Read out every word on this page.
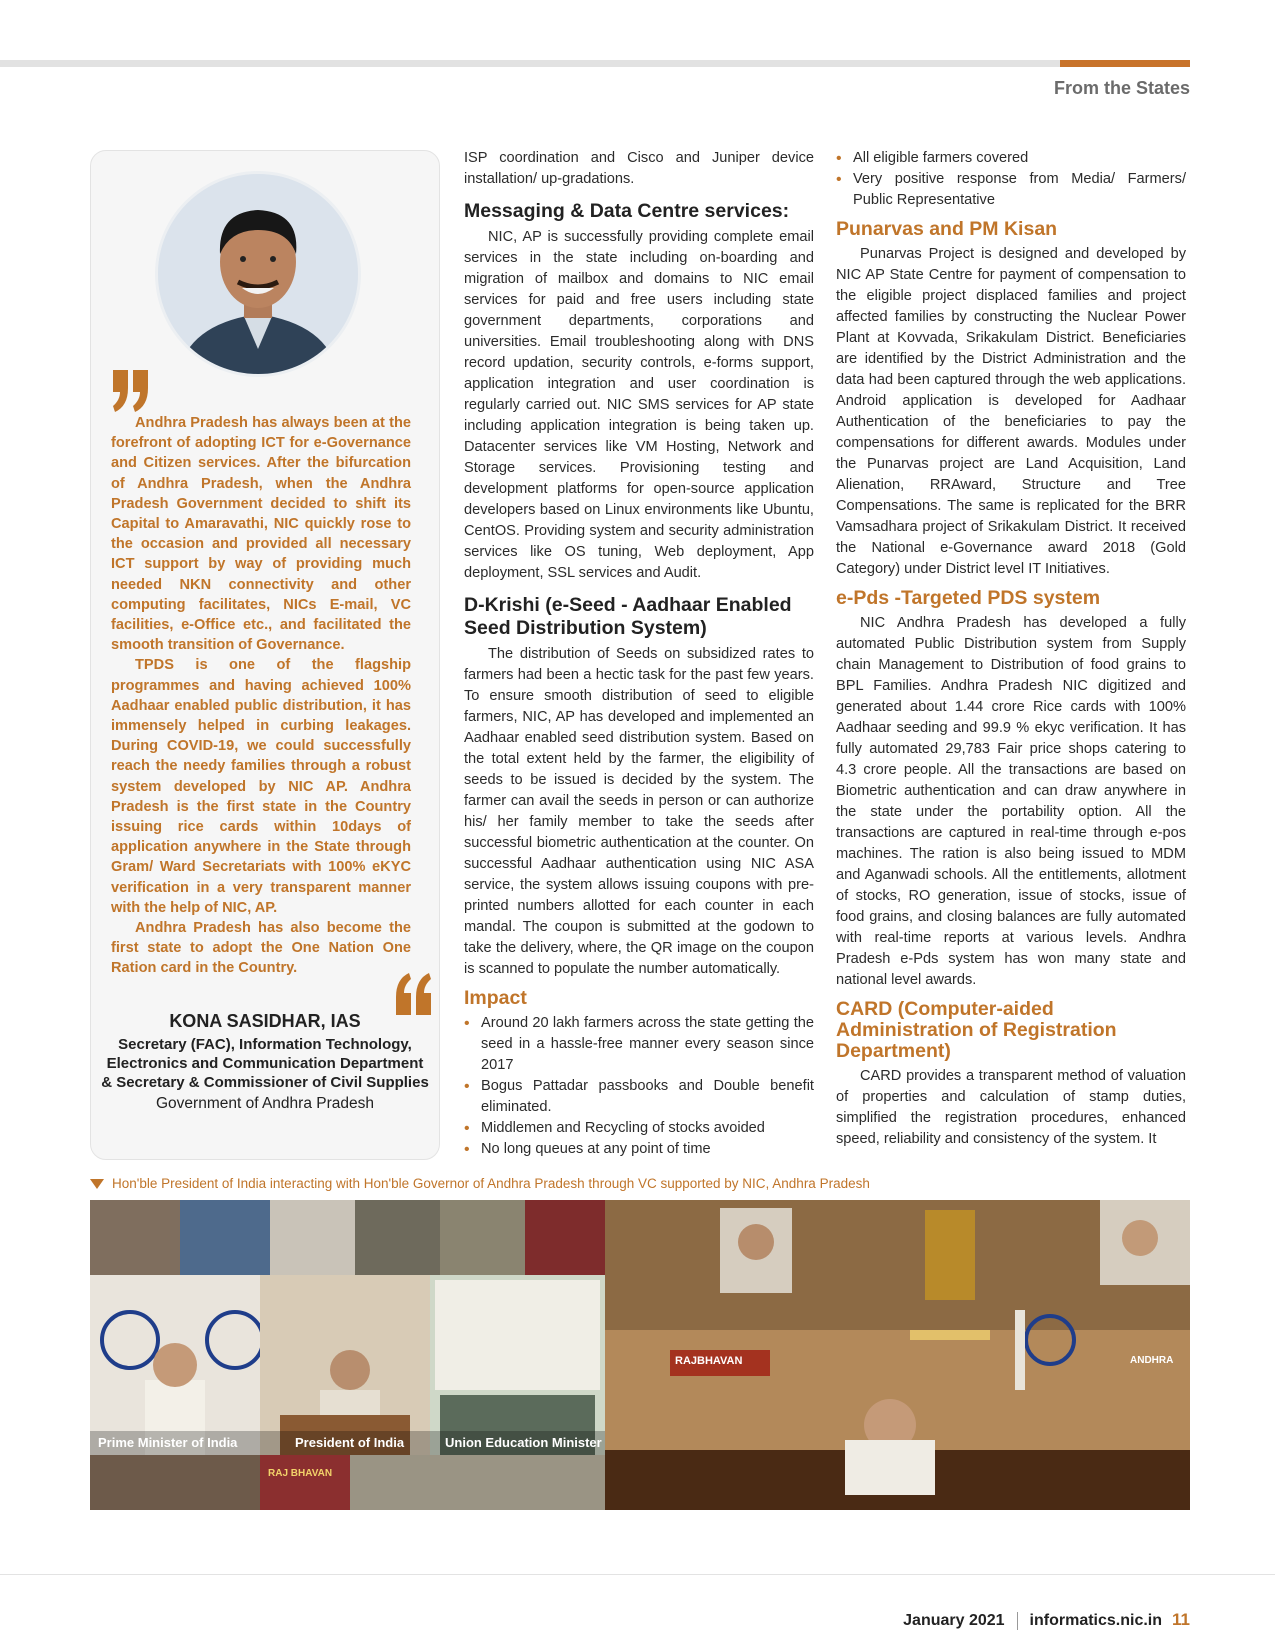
From the States

Andhra Pradesh has always been at the forefront of adopting ICT for e-Governance and Citizen services. After the bifurcation of Andhra Pradesh, when the Andhra Pradesh Government decided to shift its Capital to Amaravathi, NIC quickly rose to the occasion and provided all necessary ICT support by way of providing much needed NKN connectivity and other computing facilitates, NICs E-mail, VC facilities, e-Office etc., and facilitated the smooth transition of Governance.

TPDS is one of the flagship programmes and having achieved 100% Aadhaar enabled public distribution, it has immensely helped in curbing leakages. During COVID-19, we could successfully reach the needy families through a robust system developed by NIC AP. Andhra Pradesh is the first state in the Country issuing rice cards within 10days of application anywhere in the State through Gram/ Ward Secretariats with 100% eKYC verification in a very transparent manner with the help of NIC, AP.

Andhra Pradesh has also become the first state to adopt the One Nation One Ration card in the Country.

KONA SASIDHAR, IAS
Secretary (FAC), Information Technology, Electronics and Communication Department & Secretary & Commissioner of Civil Supplies
Government of Andhra Pradesh

ISP coordination and Cisco and Juniper device installation/ up-gradations.

Messaging & Data Centre services:

NIC, AP is successfully providing complete email services in the state including on-boarding and migration of mailbox and domains to NIC email services for paid and free users including state government departments, corporations and universities. Email troubleshooting along with DNS record updation, security controls, e-forms support, application integration and user coordination is regularly carried out. NIC SMS services for AP state including application integration is being taken up. Datacenter services like VM Hosting, Network and Storage services. Provisioning testing and development platforms for open-source application developers based on Linux environments like Ubuntu, CentOS. Providing system and security administration services like OS tuning, Web deployment, App deployment, SSL services and Audit.

D-Krishi (e-Seed - Aadhaar Enabled Seed Distribution System)

The distribution of Seeds on subsidized rates to farmers had been a hectic task for the past few years. To ensure smooth distribution of seed to eligible farmers, NIC, AP has developed and implemented an Aadhaar enabled seed distribution system. Based on the total extent held by the farmer, the eligibility of seeds to be issued is decided by the system. The farmer can avail the seeds in person or can authorize his/ her family member to take the seeds after successful biometric authentication at the counter. On successful Aadhaar authentication using NIC ASA service, the system allows issuing coupons with pre-printed numbers allotted for each counter in each mandal. The coupon is submitted at the godown to take the delivery, where, the QR image on the coupon is scanned to populate the number automatically.

Impact
• Around 20 lakh farmers across the state getting the seed in a hassle-free manner every season since 2017
• Bogus Pattadar passbooks and Double benefit eliminated.
• Middlemen and Recycling of stocks avoided
• No long queues at any point of time
• All eligible farmers covered
• Very positive response from Media/ Farmers/ Public Representative
Punarvas and PM Kisan

Punarvas Project is designed and developed by NIC AP State Centre for payment of compensation to the eligible project displaced families and project affected families by constructing the Nuclear Power Plant at Kovvada, Srikakulam District. Beneficiaries are identified by the District Administration and the data had been captured through the web applications. Android application is developed for Aadhaar Authentication of the beneficiaries to pay the compensations for different awards. Modules under the Punarvas project are Land Acquisition, Land Alienation, RRAward, Structure and Tree Compensations. The same is replicated for the BRR Vamsadhara project of Srikakulam District. It received the National e-Governance award 2018 (Gold Category) under District level IT Initiatives.

e-Pds -Targeted PDS system

NIC Andhra Pradesh has developed a fully automated Public Distribution system from Supply chain Management to Distribution of food grains to BPL Families. Andhra Pradesh NIC digitized and generated about 1.44 crore Rice cards with 100% Aadhaar seeding and 99.9 % ekyc verification. It has fully automated 29,783 Fair price shops catering to 4.3 crore people. All the transactions are based on Biometric authentication and can draw anywhere in the state under the portability option. All the transactions are captured in real-time through e-pos machines. The ration is also being issued to MDM and Aganwadi schools. All the entitlements, allotment of stocks, RO generation, issue of stocks, issue of food grains, and closing balances are fully automated with real-time reports at various levels. Andhra Pradesh e-Pds system has won many state and national level awards.

CARD (Computer-aided Administration of Registration Department)

CARD provides a transparent method of valuation of properties and calculation of stamp duties, simplified the registration procedures, enhanced speed, reliability and consistency of the system. It

Hon'ble President of India interacting with Hon'ble Governor of Andhra Pradesh through VC supported by NIC, Andhra Pradesh
Prime Minister of India	President of India	Union Education Minister
RAJBHAVAN
RAJ BHAVAN
ANDHRA
January 2021 informatics.nic.in 11
